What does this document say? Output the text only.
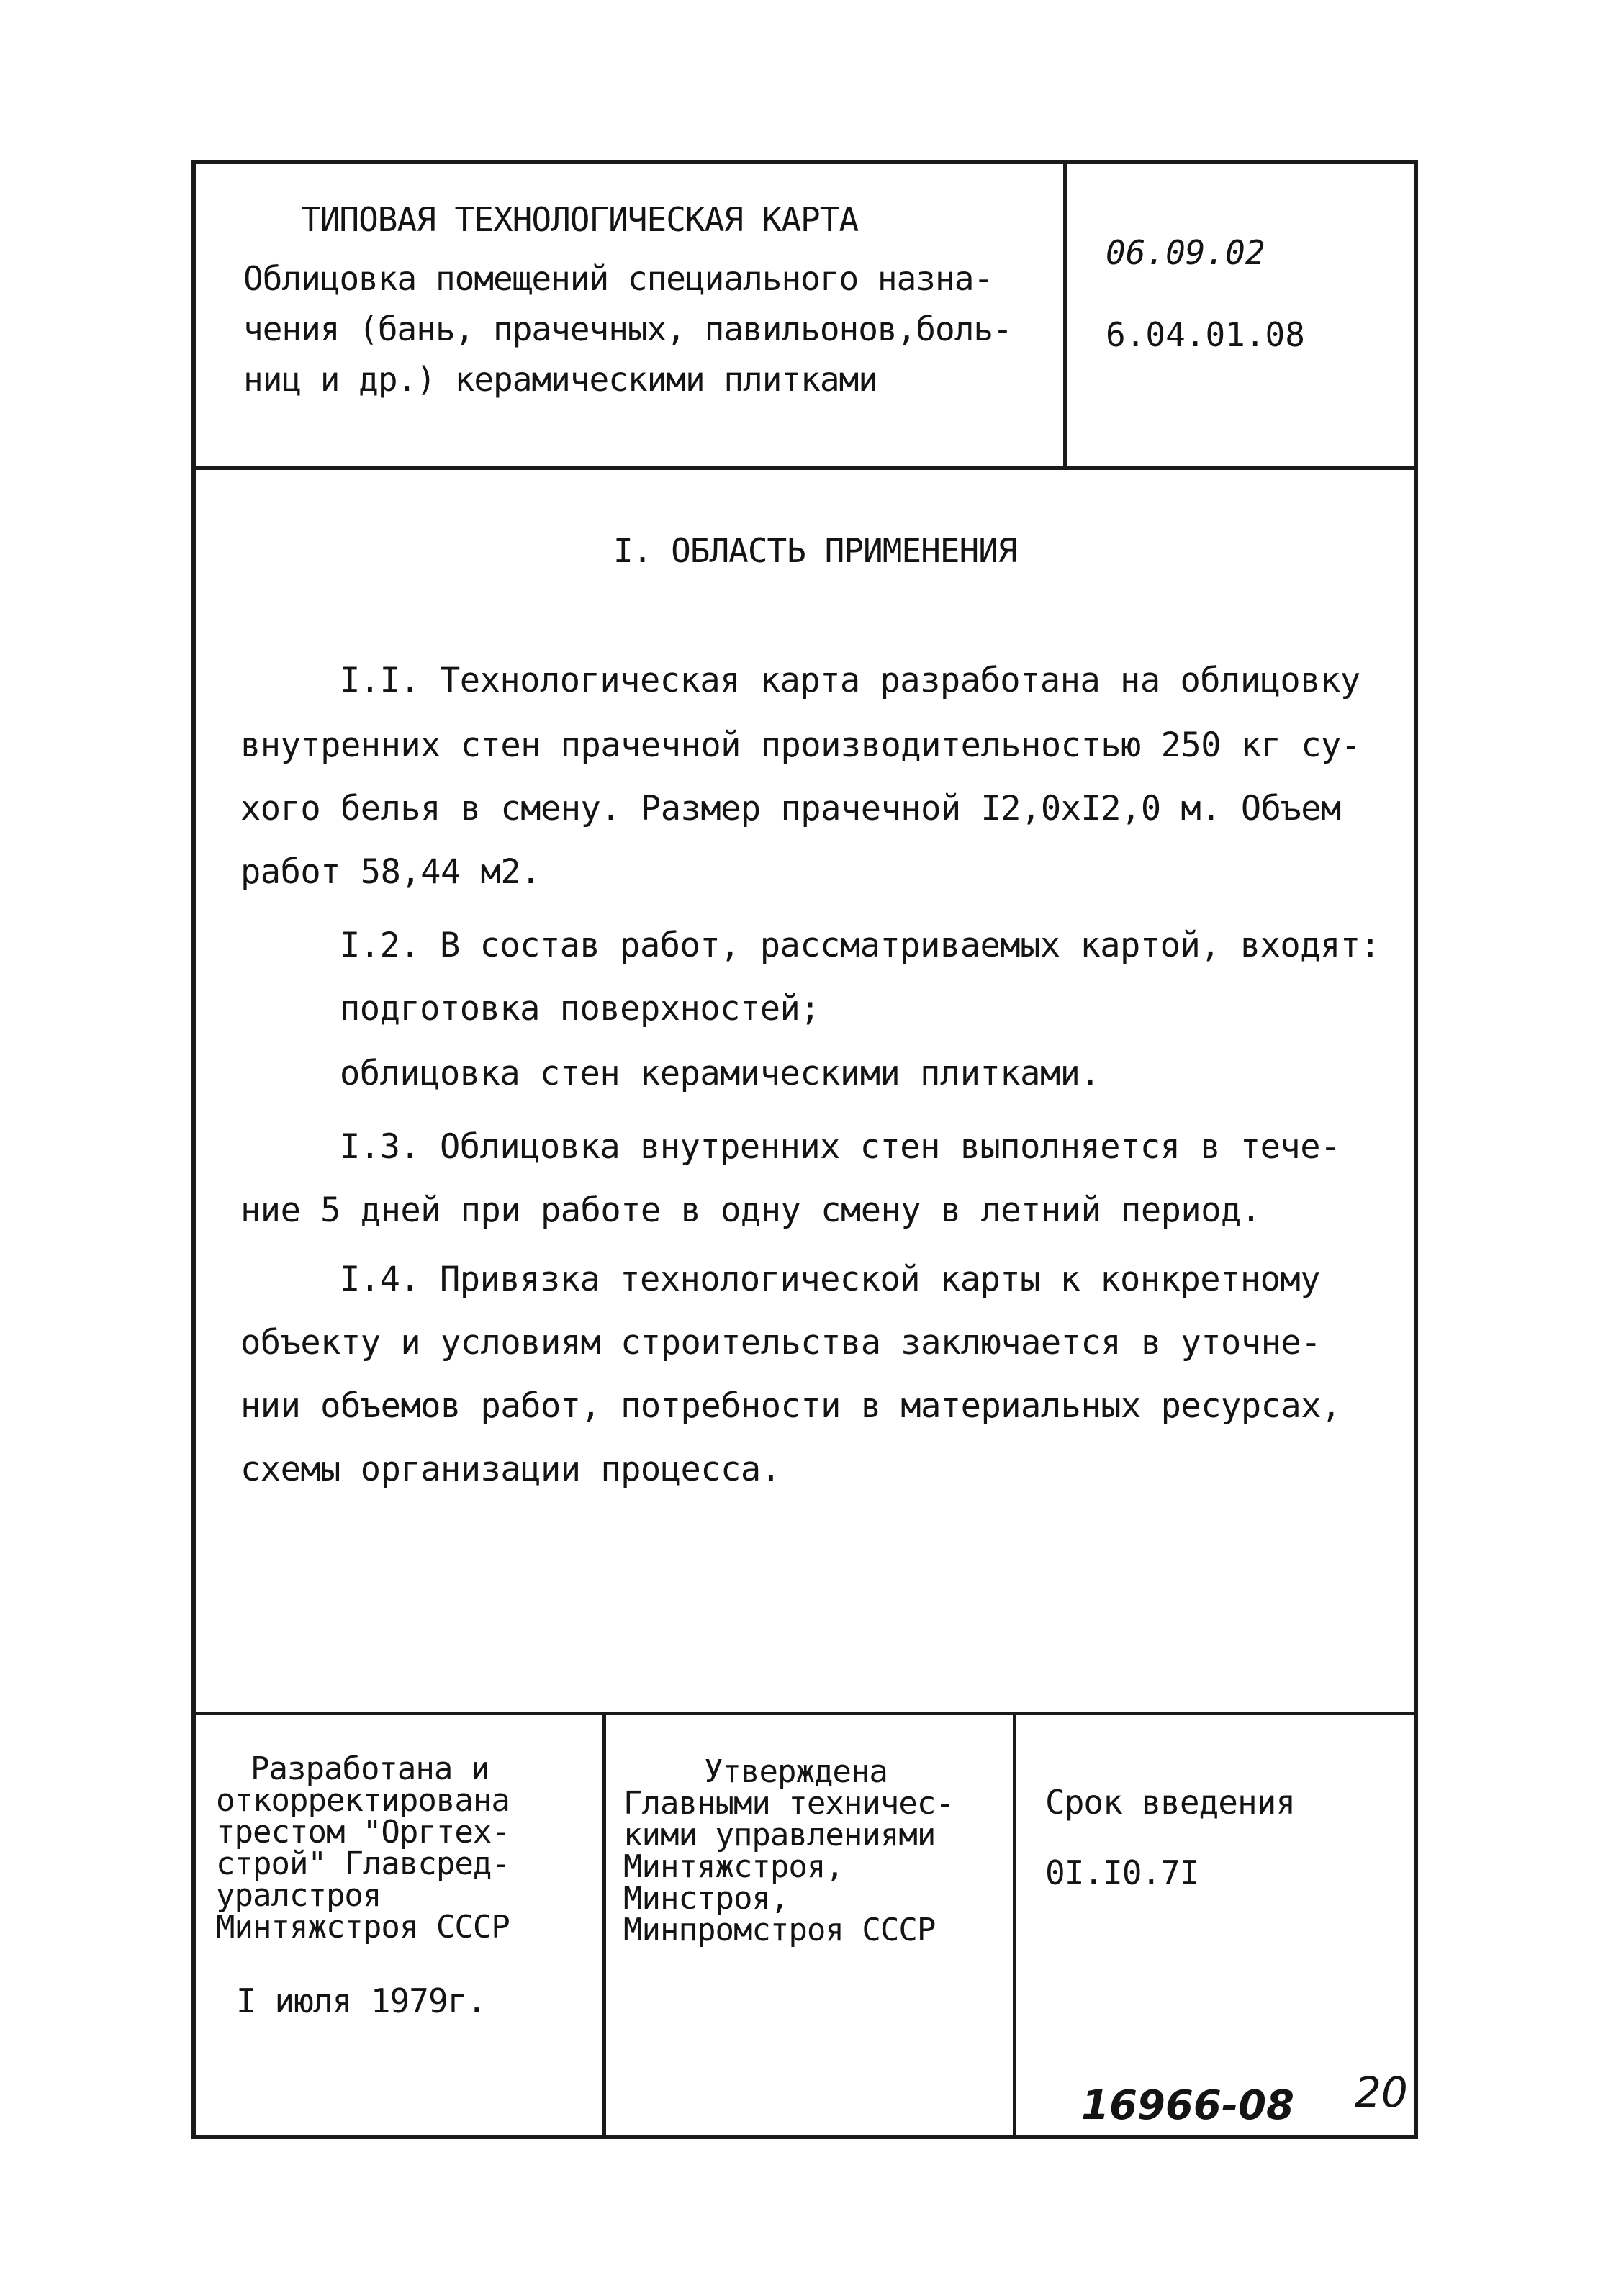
ТИПОВАЯ ТЕХНОЛОГИЧЕСКАЯ КАРТА
Облицовка помещений специального назна-
чения (бань, прачечных, павильонов,боль-
ниц и др.) керамическими плитками
06.09.02
6.04.01.08
I. ОБЛАСТЬ ПРИМЕНЕНИЯ
I.I. Технологическая карта разработана на облицовку
внутренних стен прачечной производительностью 250 кг су-
хого белья в смену. Размер прачечной I2,0хI2,0 м. Объем
работ 58,44 м2.
I.2. В состав работ, рассматриваемых картой, входят:
подготовка поверхностей;
облицовка стен керамическими плитками.
I.3. Облицовка внутренних стен выполняется в тече-
ние 5 дней при работе в одну смену в летний период.
I.4. Привязка технологической карты к конкретному
объекту и условиям строительства заключается в уточне-
нии объемов работ, потребности в материальных ресурсах,
схемы организации процесса.
Разработана и
откорректирована
трестом "Оргтех-
строй" Главсред-
уралстроя
Минтяжстроя СССР
I июля 1979г.
Утверждена
Главными техничес-
кими управлениями
Минтяжстроя,
Минстроя,
Минпромстроя СССР
Срок введения
0I.I0.7I
16966-08 20
